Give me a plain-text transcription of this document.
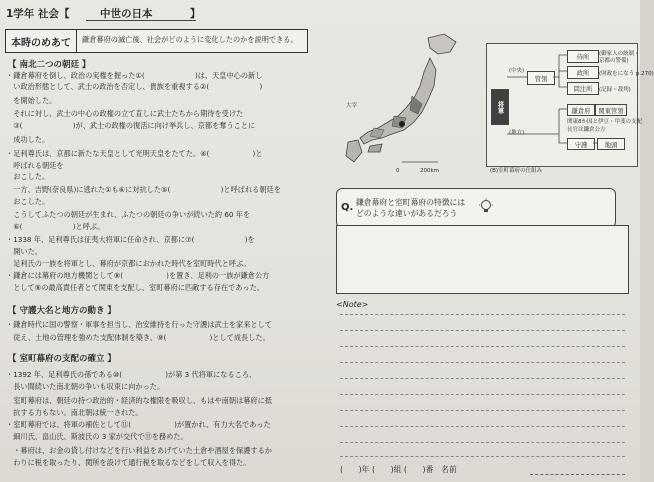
1学年 社会【	中世の日本	】
本時のめあて	鎌倉幕府の滅亡後、社会がどのように変化したのかを説明できる。
【 南北二つの朝廷 】
・鎌倉幕府を倒し、政治の実権を握った①(　　　　　　　)は、天皇中心の新し
　い政治形態として、武士の政治を否定し、貴族を重視する②(　　　　　　　)
　を開始した。
　それに対し、武士の中心の政権の立て直しに武士たちから期待を受けた
　③(　　　　　　　)が、武士の政権の復活に向け挙兵し、京都を奪うことに
　成功した。
・足利尊氏は、京都に新たな天皇として光明天皇をたてた。④(　　　　　　)と
　呼ばれる朝廷を
　おこした。
　一方、吉野(奈良県)に逃れた①も⑥に対抗した⑤(　　　　　　　)と呼ばれる朝廷を
　おこした。
　こうしてふたつの朝廷が生まれ、ふたつの朝廷の争いが続いた約 60 年を
　⑥(　　　　　　　)と呼ぶ。
・1338 年、足利尊氏は征夷大将軍に任命され、京都に⑦(　　　　　　　)を
　開いた。
　足利氏の一族を将軍とし、幕府が京都におかれた時代を室町時代と呼ぶ。
・鎌倉には幕府の地方機関として⑧(　　　　　　)を置き、足利の一族が鎌倉公方
　として⑧の最高責任者とて関東を支配し、室町幕府に匹敵する存在であった。
【 守護大名と地方の動き 】
・鎌倉時代に国の警察・軍事を担当し、治安維持を行った守護は武士を家来として
　従え、土地の管理を強めた支配体制を築き、⑨(　　　　　　)として成長した。
【 室町幕府の支配の確立 】
・1392 年、足利尊氏の孫である⑩(　　　　　　)が第 3 代将軍になるころ、
　長い間続いた南北朝の争いも収束に向かった。
　室町幕府は、朝廷の持つ政治的・経済的な権限を吸収し、もはや南朝は幕府に抵
　抗する力もない。南北朝は統一された。
・室町幕府では、将軍の補佐として⑪(　　　　　　)が置かれ、有力大名であった
　細川氏、畠山氏、斯波氏の 3 家が交代で⑪を務めた。
　・幕府は、お金の貸し付けなどを行い利益をあげていた土倉や酒屋を保護するか
　わりに税を取ったり、関所を設けて通行税を取るなどをして収入を得た。
大宰
0	200km
将軍
(中央)
(地方)
管領
侍所
政所
問注所
(御家人の統制・
京都の警備)
(財政をになう p.270)
(記録・裁判)
鎌倉府	関東管領
関東8か国と伊豆・甲斐の支配
長官は鎌倉公方
守護	地頭
(B)室町幕府の仕組み
Q. 鎌倉幕府と室町幕府の特徴には
どのような違いがあるだろう
<Note>
(　　)年 (　　)組 (　　)番　名前
